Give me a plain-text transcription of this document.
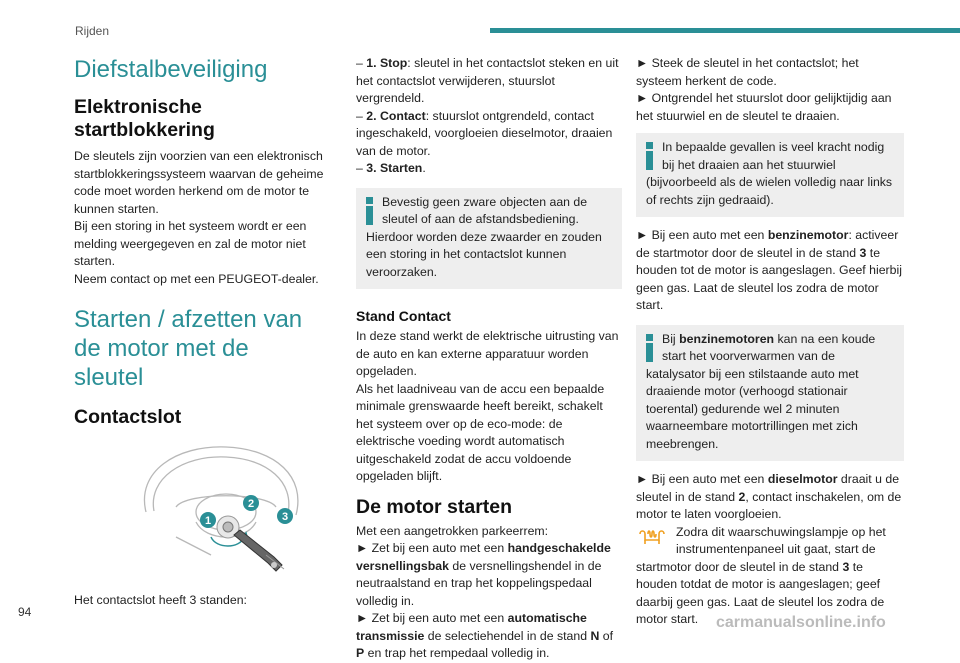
Rijden
Diefstalbeveiliging
Elektronische startblokkering

De sleutels zijn voorzien van een elektronisch startblokkeringssysteem waarvan de geheime code moet worden herkend om de motor te kunnen starten.

Bij een storing in het systeem wordt er een melding weergegeven en zal de motor niet starten.

Neem contact op met een PEUGEOT-dealer.

Starten / afzetten van de motor met de sleutel
Contactslot
1
2
3

Het contactslot heeft 3 standen:

– 1. Stop: sleutel in het contactslot steken en uit het contactslot verwijderen, stuurslot vergrendeld.

– 2. Contact: stuurslot ontgrendeld, contact ingeschakeld, voorgloeien dieselmotor, draaien van de motor.

– 3. Starten.

Bevestig geen zware objecten aan de sleutel of aan de afstandsbediening. Hierdoor worden deze zwaarder en zouden een storing in het contactslot kunnen veroorzaken.
Stand Contact

In deze stand werkt de elektrische uitrusting van de auto en kan externe apparatuur worden opgeladen.

Als het laadniveau van de accu een bepaalde minimale grenswaarde heeft bereikt, schakelt het systeem over op de eco-mode: de elektrische voeding wordt automatisch uitgeschakeld zodat de accu voldoende opgeladen blijft.

De motor starten

Met een aangetrokken parkeerrem:

► Zet bij een auto met een handgeschakelde versnellingsbak de versnellingshendel in de neutraalstand en trap het koppelingspedaal volledig in.

► Zet bij een auto met een automatische transmissie de selectiehendel in de stand N of P en trap het rempedaal volledig in.

► Steek de sleutel in het contactslot; het systeem herkent de code.

► Ontgrendel het stuurslot door gelijktijdig aan het stuurwiel en de sleutel te draaien.

In bepaalde gevallen is veel kracht nodig bij het draaien aan het stuurwiel (bijvoorbeeld als de wielen volledig naar links of rechts zijn gedraaid).

► Bij een auto met een benzinemotor: activeer de startmotor door de sleutel in de stand 3 te houden tot de motor is aangeslagen. Geef hierbij geen gas. Laat de sleutel los zodra de motor start.

Bij benzinemotoren kan na een koude start het voorverwarmen van de katalysator bij een stilstaande auto met draaiende motor (verhoogd stationair toerental) gedurende wel 2 minuten waarneembare motortrillingen met zich meebrengen.

► Bij een auto met een dieselmotor draait u de sleutel in de stand 2, contact inschakelen, om de motor te laten voorgloeien.

Zodra dit waarschuwingslampje op het instrumentenpaneel uit gaat, start de startmotor door de sleutel in de stand 3 te houden totdat de motor is aangeslagen; geef daarbij geen gas. Laat de sleutel los zodra de motor start.

94
carmanualsonline.info
